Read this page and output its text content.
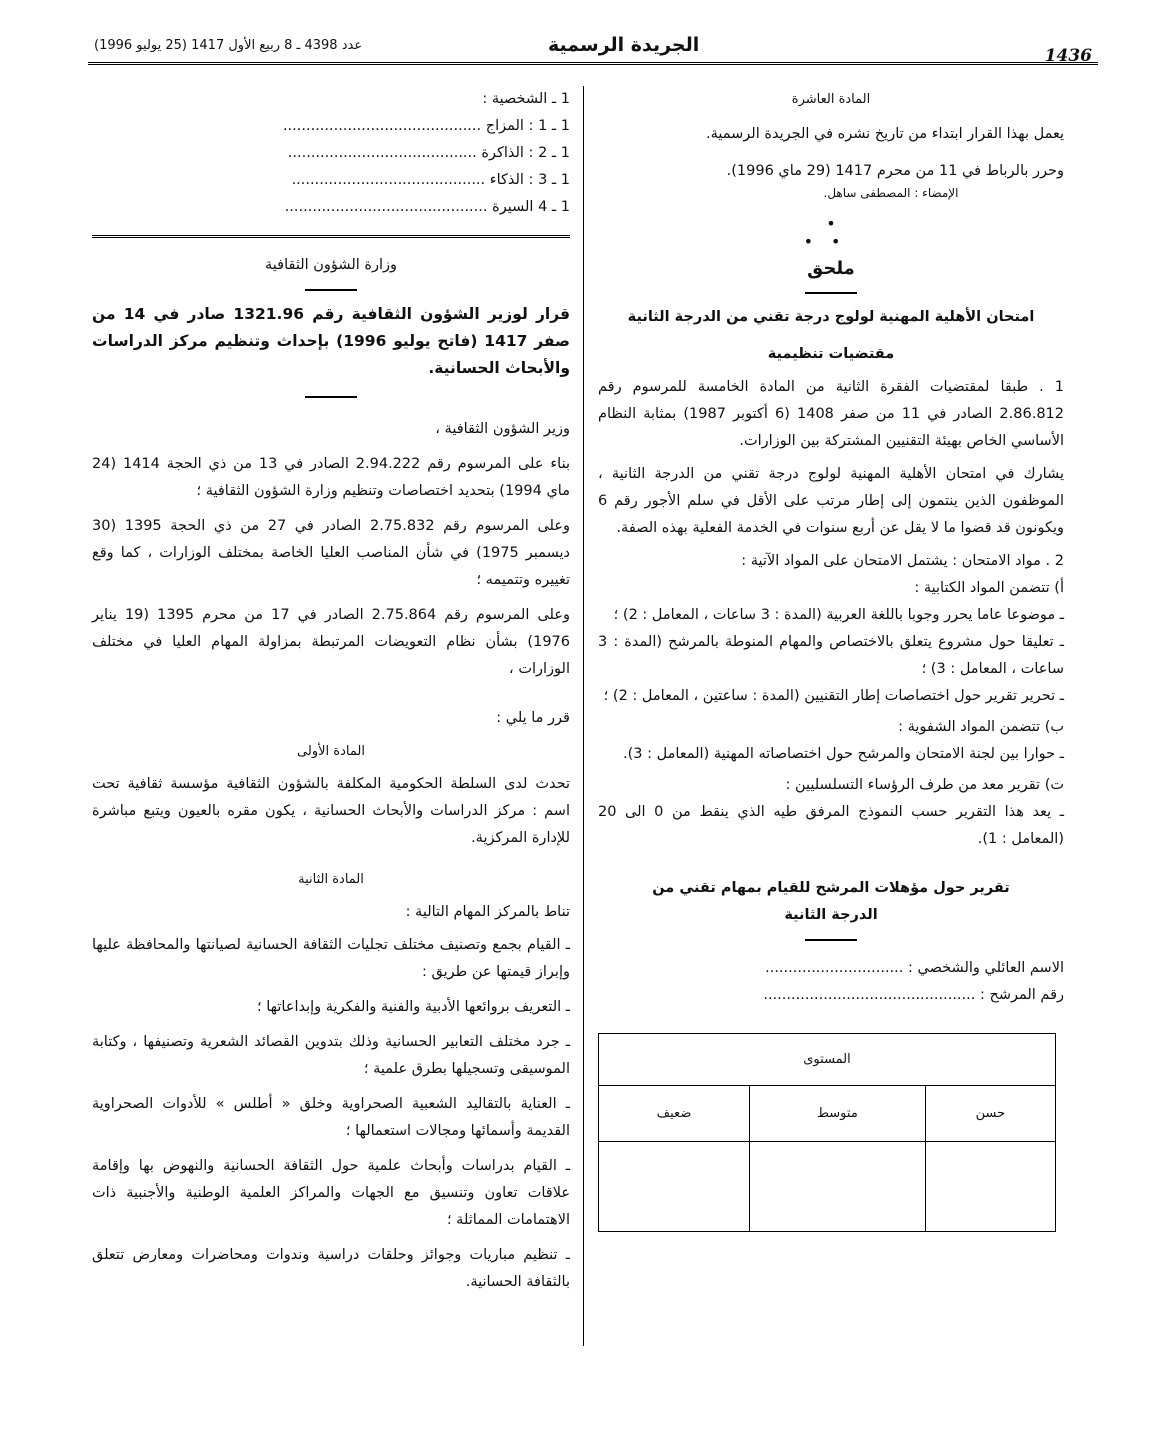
1436
الجريدة الرسمية
عدد 4398 ـ 8 ربيع الأول 1417 (25 يوليو 1996)

المادة العاشرة

يعمل بهذا القرار ابتداء من تاريخ نشره في الجريدة الرسمية.

وحرر بالرباط في 11 من محرم 1417 (29 ماي 1996).

الإمضاء : المصطفى ساهل.

•

••

ملحق

امتحان الأهلية المهنية لولوج درجة تقني من الدرجة الثانية

مقتضيات تنظيمية

1 . طبقا لمقتضيات الفقرة الثانية من المادة الخامسة للمرسوم رقم 2.86.812 الصادر في 11 من صفر 1408 (6 أكتوبر 1987) بمثابة النظام الأساسي الخاص بهيئة التقنيين المشتركة بين الوزارات.

يشارك في امتحان الأهلية المهنية لولوج درجة تقني من الدرجة الثانية ، الموظفون الذين ينتمون إلى إطار مرتب على الأقل في سلم الأجور رقم 6 ويكونون قد قضوا ما لا يقل عن أربع سنوات في الخدمة الفعلية بهذه الصفة.

2 . مواد الامتحان : يشتمل الامتحان على المواد الآتية :

أ) تتضمن المواد الكتابية :

ـ موضوعا عاما يحرر وجوبا باللغة العربية (المدة : 3 ساعات ، المعامل : 2) ؛

ـ تعليقا حول مشروع يتعلق بالاختصاص والمهام المنوطة بالمرشح (المدة : 3 ساعات ، المعامل : 3) ؛

ـ تحرير تقرير حول اختصاصات إطار التقنيين (المدة : ساعتين ، المعامل : 2) ؛

ب) تتضمن المواد الشفوية :

ـ حوارا بين لجنة الامتحان والمرشح حول اختصاصاته المهنية (المعامل : 3).

ت) تقرير معد من طرف الرؤساء التسلسليين :

ـ يعد هذا التقرير حسب النموذج المرفق طيه الذي ينقط من 0 الى 20 (المعامل : 1).

تقرير حول مؤهلات المرشح للقيام بمهام تقني من الدرجة الثانية

الاسم العائلي والشخصي : ..............................

رقم المرشح : ..............................................

المستوى		
حسن	متوسط	ضعيف

1 ـ الشخصية :

1 ـ 1 : المزاج ...........................................

1 ـ 2 : الذاكرة .........................................

1 ـ 3 : الذكاء ..........................................

1 ـ 4 السيرة ............................................

وزارة الشؤون الثقافية

قرار لوزير الشؤون الثقافية رقم 1321.96 صادر في 14 من صفر 1417 (فاتح يوليو 1996) بإحداث وتنظيم مركز الدراسات والأبحاث الحسانية.

وزير الشؤون الثقافية ،

بناء على المرسوم رقم 2.94.222 الصادر في 13 من ذي الحجة 1414 (24 ماي 1994) بتحديد اختصاصات وتنظيم وزارة الشؤون الثقافية ؛

وعلى المرسوم رقم 2.75.832 الصادر في 27 من ذي الحجة 1395 (30 ديسمبر 1975) في شأن المناصب العليا الخاصة بمختلف الوزارات ، كما وقع تغييره وتتميمه ؛

وعلى المرسوم رقم 2.75.864 الصادر في 17 من محرم 1395 (19 يناير 1976) بشأن نظام التعويضات المرتبطة بمزاولة المهام العليا في مختلف الوزارات ،

قرر ما يلي :

المادة الأولى

تحدث لدى السلطة الحكومية المكلفة بالشؤون الثقافية مؤسسة ثقافية تحت اسم : مركز الدراسات والأبحاث الحسانية ، يكون مقره بالعيون ويتبع مباشرة للإدارة المركزية.

المادة الثانية

تناط بالمركز المهام التالية :

ـ القيام بجمع وتصنيف مختلف تجليات الثقافة الحسانية لصيانتها والمحافظة عليها وإبراز قيمتها عن طريق :

ـ التعريف بروائعها الأدبية والفنية والفكرية وإبداعاتها ؛

ـ جرد مختلف التعابير الحسانية وذلك بتدوين القصائد الشعرية وتصنيفها ، وكتابة الموسيقى وتسجيلها بطرق علمية ؛

ـ العناية بالتقاليد الشعبية الصحراوية وخلق « أطلس » للأدوات الصحراوية القديمة وأسمائها ومجالات استعمالها ؛

ـ القيام بدراسات وأبحاث علمية حول الثقافة الحسانية والنهوض بها وإقامة علاقات تعاون وتنسيق مع الجهات والمراكز العلمية الوطنية والأجنبية ذات الاهتمامات المماثلة ؛

ـ تنظيم مباريات وجوائز وحلقات دراسية وندوات ومحاضرات ومعارض تتعلق بالثقافة الحسانية.
